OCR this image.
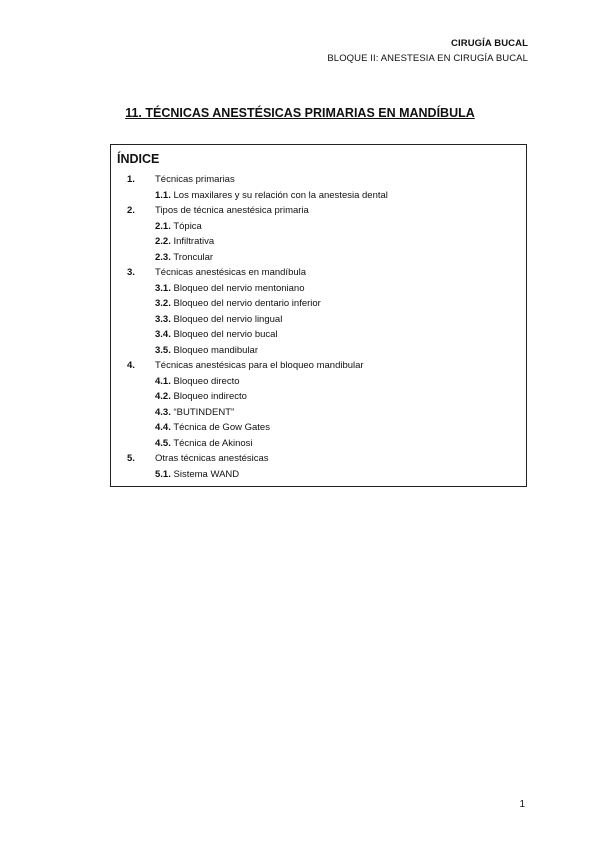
CIRUGÍA BUCAL
BLOQUE II: ANESTESIA EN CIRUGÍA BUCAL
11. TÉCNICAS ANESTÉSICAS PRIMARIAS EN MANDÍBULA
ÍNDICE
1. Técnicas primarias
1.1. Los maxilares y su relación con la anestesia dental
2. Tipos de técnica anestésica primaria
2.1. Tópica
2.2. Infiltrativa
2.3. Troncular
3. Técnicas anestésicas en mandíbula
3.1. Bloqueo del nervio mentoniano
3.2. Bloqueo del nervio dentario inferior
3.3. Bloqueo del nervio lingual
3.4. Bloqueo del nervio bucal
3.5. Bloqueo mandibular
4. Técnicas anestésicas para el bloqueo mandibular
4.1. Bloqueo directo
4.2. Bloqueo indirecto
4.3. “BUTINDENT”
4.4. Técnica de Gow Gates
4.5. Técnica de Akinosi
5. Otras técnicas anestésicas
5.1. Sistema WAND
1
